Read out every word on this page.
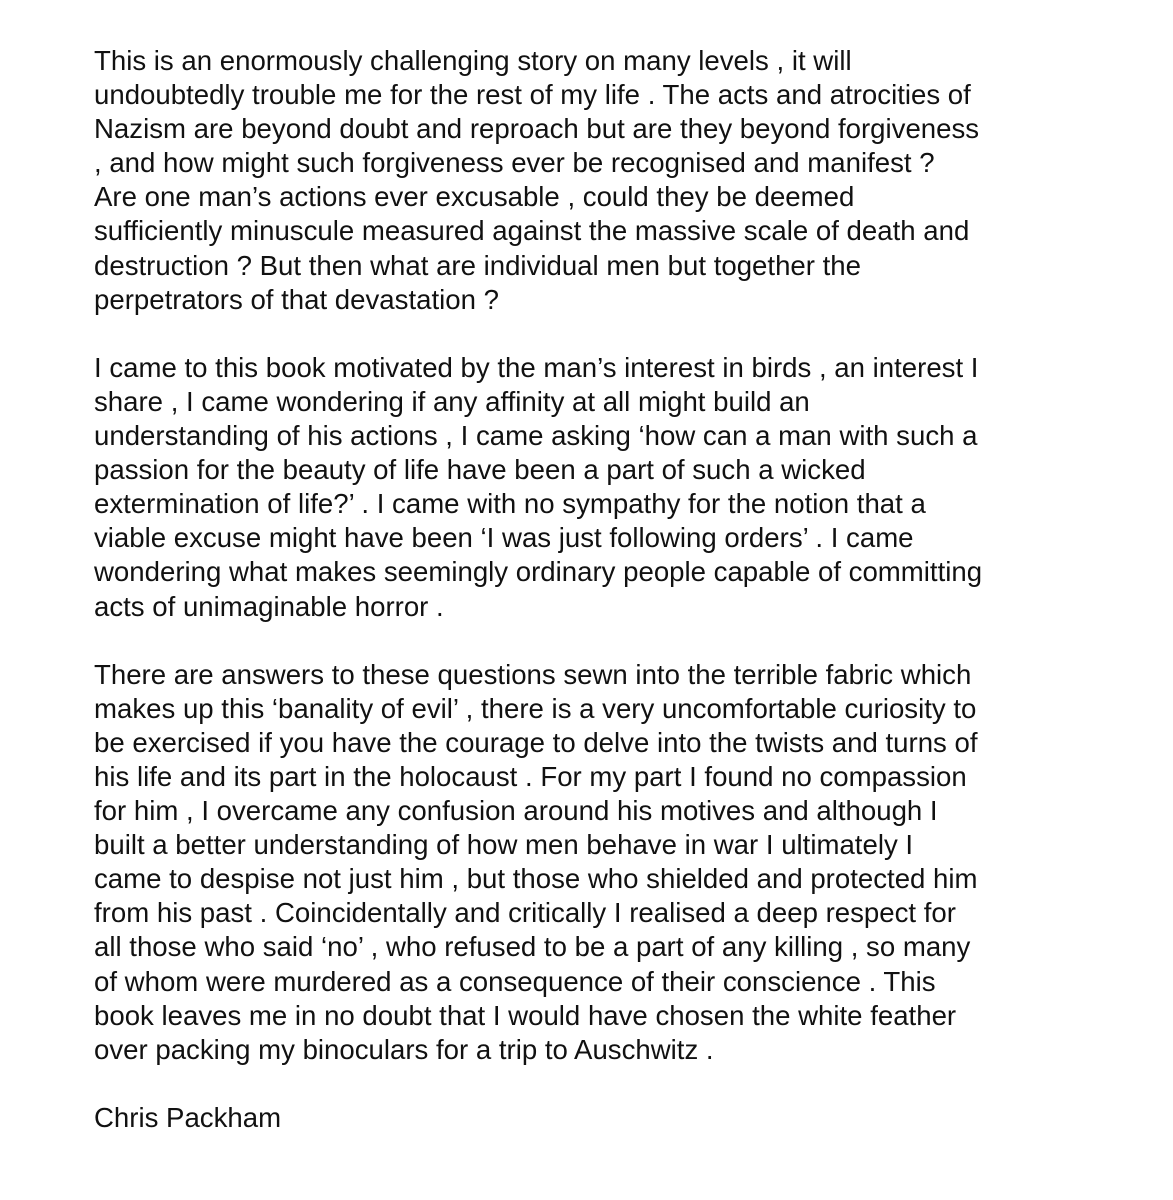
This is an enormously challenging story on many levels , it will
undoubtedly trouble me for the rest of my life . The acts and atrocities of
Nazism are beyond doubt and reproach but are they beyond forgiveness
, and how might such forgiveness ever be recognised and manifest ?
Are one man’s actions ever excusable , could they be deemed
sufficiently minuscule measured against the massive scale of death and
destruction ? But then what are individual men but together the
perpetrators of that devastation ?
I came to this book motivated by the man’s interest in birds , an interest I
share , I came wondering if any affinity at all might build an
understanding of his actions , I came asking ‘how can a man with such a
passion for the beauty of life have been a part of such a wicked
extermination of life?’ . I came with no sympathy for the notion that a
viable excuse might have been ‘I was just following orders’ . I came
wondering what makes seemingly ordinary people capable of committing
acts of unimaginable horror .
There are answers to these questions sewn into the terrible fabric which
makes up this ‘banality of evil’ , there is a very uncomfortable curiosity to
be exercised if you have the courage to delve into the twists and turns of
his life and its part in the holocaust . For my part I found no compassion
for him , I overcame any confusion around his motives and although I
built a better understanding of how men behave in war I ultimately I
came to despise not just him , but those who shielded and protected him
from his past . Coincidentally and critically I realised a deep respect for
all those who said ‘no’ , who refused to be a part of any killing , so many
of whom were murdered as a consequence of their conscience . This
book leaves me in no doubt that I would have chosen the white feather
over packing my binoculars for a trip to Auschwitz .

Chris Packham
